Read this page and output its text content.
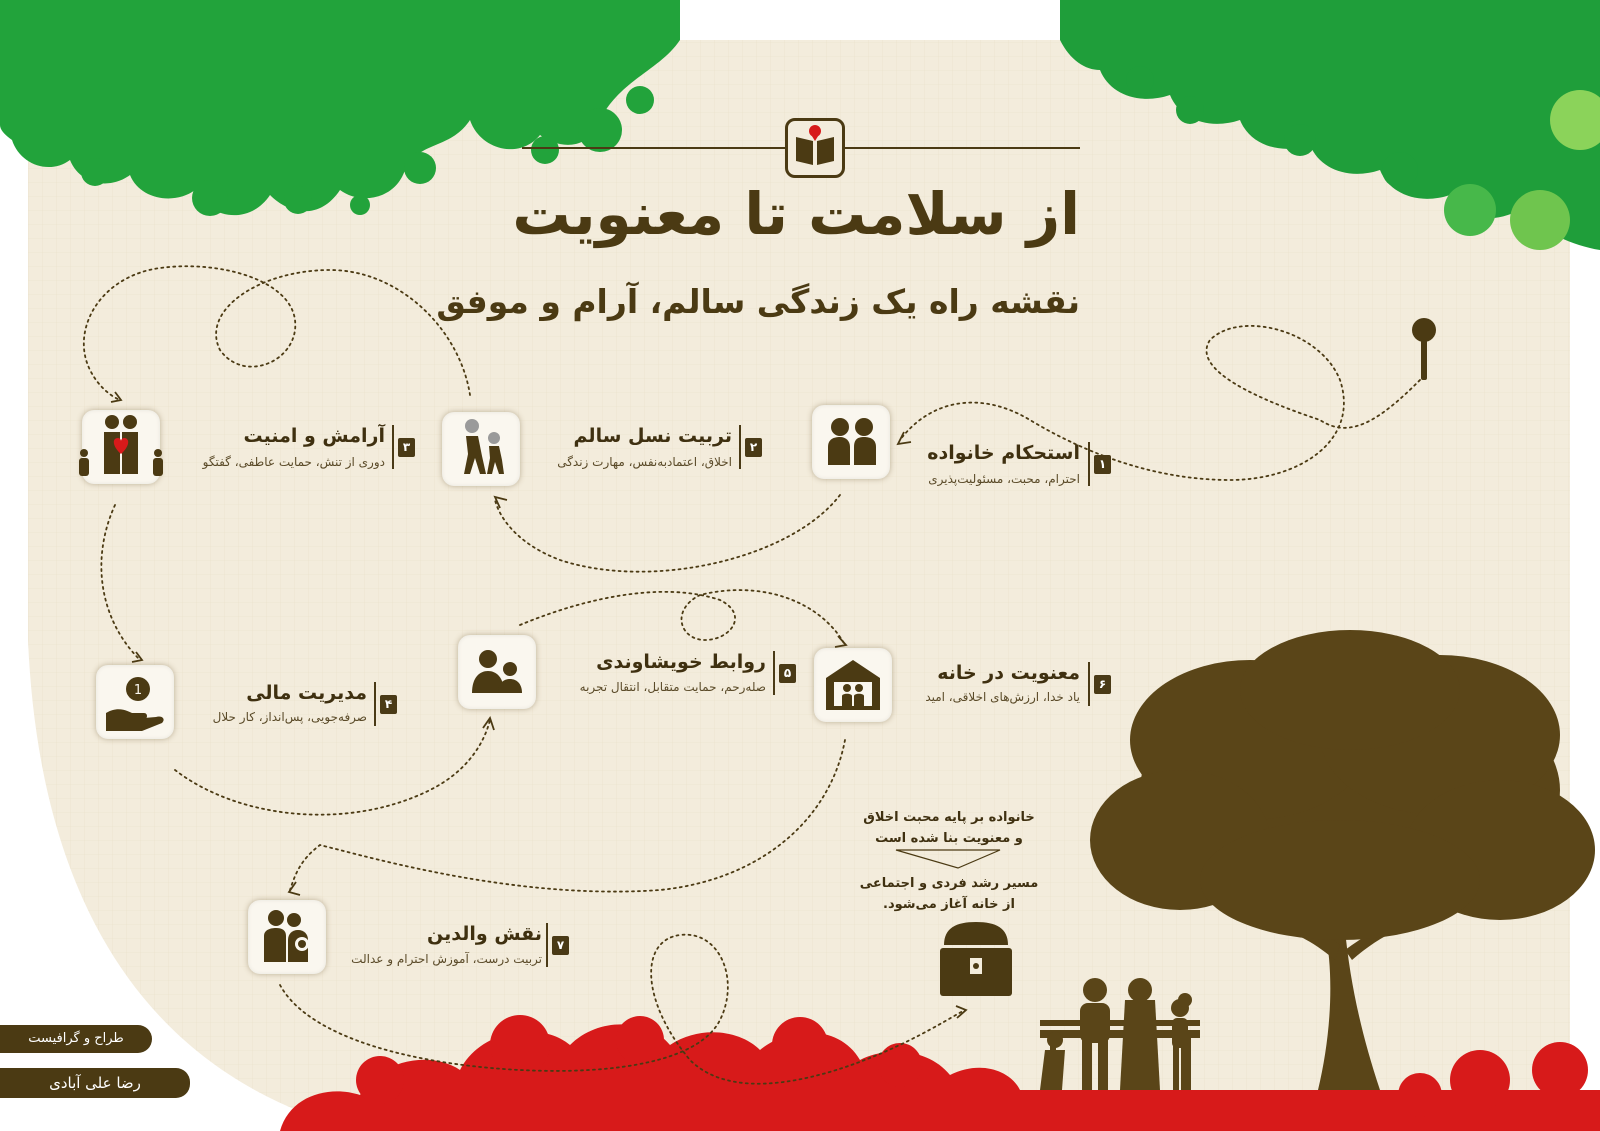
از سلامت تا معنویت
نقشه راه یک زندگی سالم، آرام و موفق
۱
استحکام خانواده
احترام، محبت، مسئولیت‌پذیری
۲
تربیت نسل سالم
اخلاق، اعتماد‌به‌نفس، مهارت زندگی
۳
آرامش و امنیت
دوری از تنش، حمایت عاطفی، گفتگو
1
۴
مدیریت مالی
صرفه‌جویی، پس‌انداز، کار حلال
۵
روابط خویشاوندی
صله‌رحم، حمایت متقابل، انتقال تجربه	۶
معنویت در خانه
یاد خدا، ارزش‌های اخلاقی، امید
۷
نقش والدین
تربیت درست، آموزش احترام و عدالت
خانواده بر پایه محبت اخلاق
و معنویت بنا شده است
مسیر رشد فردی و اجتماعی
از خانه آغاز می‌شود.
طراح و گرافیست
رضا علی آبادی
